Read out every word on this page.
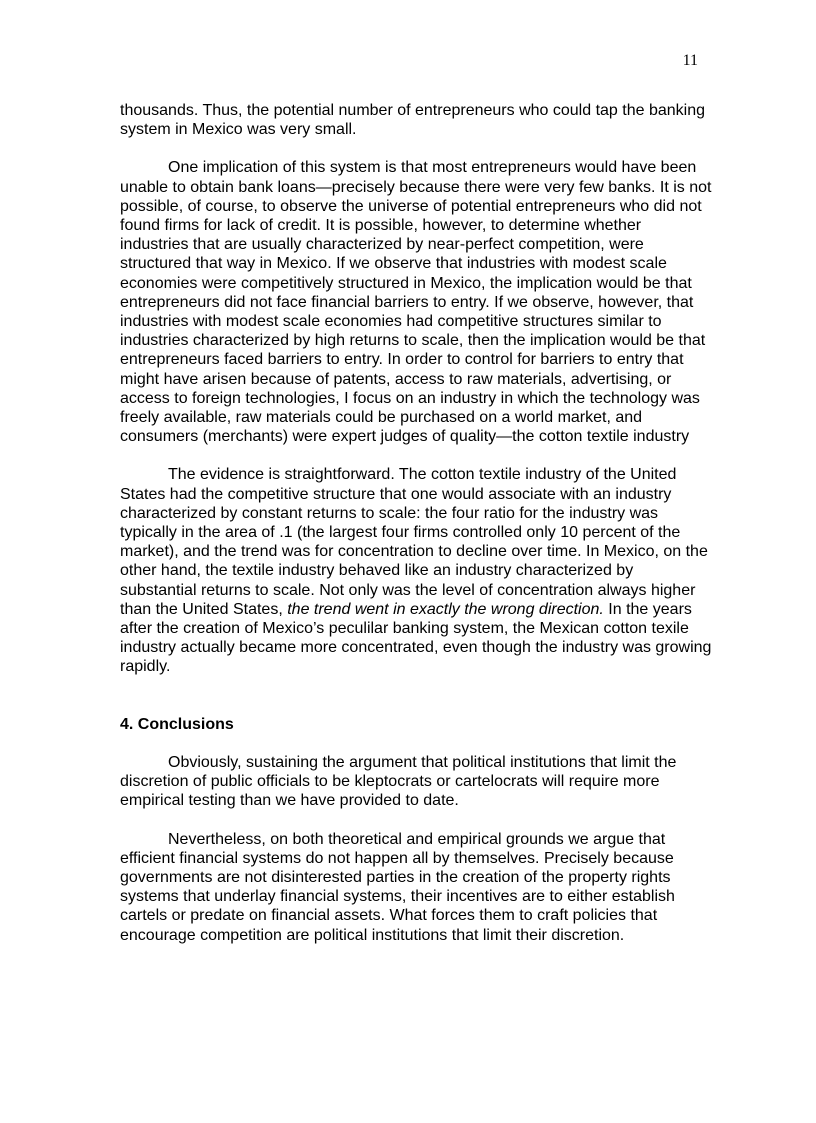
11

thousands. Thus, the potential number of entrepreneurs who could tap the banking system in Mexico was very small.

One implication of this system is that most entrepreneurs would have been unable to obtain bank loans—precisely because there were very few banks. It is not possible, of course, to observe the universe of potential entrepreneurs who did not found firms for lack of credit. It is possible, however, to determine whether industries that are usually characterized by near-perfect competition, were structured that way in Mexico. If we observe that industries with modest scale economies were competitively structured in Mexico, the implication would be that entrepreneurs did not face financial barriers to entry. If we observe, however, that industries with modest scale economies had competitive structures similar to industries characterized by high returns to scale, then the implication would be that entrepreneurs faced barriers to entry. In order to control for barriers to entry that might have arisen because of patents, access to raw materials, advertising, or access to foreign technologies, I focus on an industry in which the technology was freely available, raw materials could be purchased on a world market, and consumers (merchants) were expert judges of quality—the cotton textile industry

The evidence is straightforward. The cotton textile industry of the United States had the competitive structure that one would associate with an industry characterized by constant returns to scale: the four ratio for the industry was typically in the area of .1 (the largest four firms controlled only 10 percent of the market), and the trend was for concentration to decline over time. In Mexico, on the other hand, the textile industry behaved like an industry characterized by substantial returns to scale. Not only was the level of concentration always higher than the United States, the trend went in exactly the wrong direction. In the years after the creation of Mexico’s peculilar banking system, the Mexican cotton texile industry actually became more concentrated, even though the industry was growing rapidly.

4. Conclusions

Obviously, sustaining the argument that political institutions that limit the discretion of public officials to be kleptocrats or cartelocrats will require more empirical testing than we have provided to date.

Nevertheless, on both theoretical and empirical grounds we argue that efficient financial systems do not happen all by themselves. Precisely because governments are not disinterested parties in the creation of the property rights systems that underlay financial systems, their incentives are to either establish cartels or predate on financial assets. What forces them to craft policies that encourage competition are political institutions that limit their discretion.
